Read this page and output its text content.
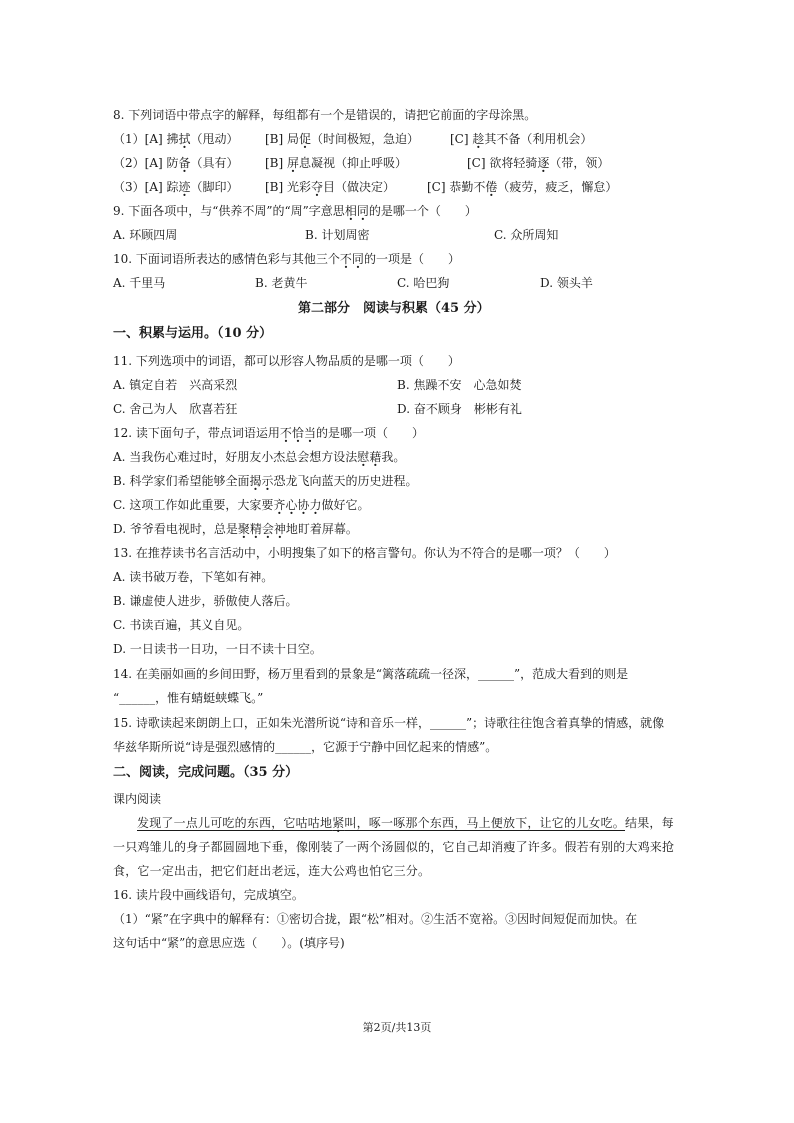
8. 下列词语中带点字的解释，每组都有一个是错误的，请把它前面的字母涂黑。
（1）[A] 拂拭（甩动） [B] 局促（时间极短，急迫）	[C] 趁其不备（利用机会）
（2）[A] 防备（具有） [B] 屏息凝视（抑止呼吸）	[C] 欲将轻骑逐（带，领）
（3）[A] 踪迹（脚印） [B] 光彩夺目（做决定）	[C] 恭勤不倦（疲劳，疲乏，懈怠）
9. 下面各项中，与“供养不周”的“周”字意思相同的是哪一个（　　）
A. 环顾四周	B. 计划周密	C. 众所周知
10. 下面词语所表达的感情色彩与其他三个不同的一项是（　　）
A. 千里马	B. 老黄牛	C. 哈巴狗	D. 领头羊
第二部分　阅读与积累（45 分）
一、积累与运用。（10 分）
11. 下列选项中的词语，都可以形容人物品质的是哪一项（　　）
A. 镇定自若　兴高采烈	B. 焦躁不安　心急如焚
C. 舍己为人　欣喜若狂	D. 奋不顾身　彬彬有礼
12. 读下面句子，带点词语运用不恰当的是哪一项（　　）
A. 当我伤心难过时，好朋友小杰总会想方设法慰藉我。
B. 科学家们希望能够全面揭示恐龙飞向蓝天的历史进程。
C. 这项工作如此重要，大家要齐心协力做好它。
D. 爷爷看电视时，总是聚精会神地盯着屏幕。
13. 在推荐读书名言活动中，小明搜集了如下的格言警句。你认为不符合的是哪一项？（　　）
A. 读书破万卷，下笔如有神。
B. 谦虚使人进步，骄傲使人落后。
C. 书读百遍，其义自见。
D. 一日读书一日功，一日不读十日空。
14. 在美丽如画的乡间田野，杨万里看到的景象是“篱落疏疏一径深，______”，范成大看到的则是
“______，惟有蜻蜓蛱蝶飞。”
15. 诗歌读起来朗朗上口，正如朱光潜所说“诗和音乐一样，______”；诗歌往往饱含着真挚的情感，就像
华兹华斯所说“诗是强烈感情的______，它源于宁静中回忆起来的情感”。
二、阅读，完成问题。（35 分）
课内阅读
发现了一点儿可吃的东西，它咕咕地紧叫，啄一啄那个东西，马上便放下，让它的儿女吃。结果，每
一只鸡雏儿的身子都圆圆地下垂，像刚装了一两个汤圆似的，它自己却消瘦了许多。假若有别的大鸡来抢
食，它一定出击，把它们赶出老远，连大公鸡也怕它三分。
16. 读片段中画线语句，完成填空。
（1）“紧”在字典中的解释有：①密切合拢，跟“松”相对。②生活不宽裕。③因时间短促而加快。在
这句话中“紧”的意思应选（　　）。(填序号)
第2页/共13页
